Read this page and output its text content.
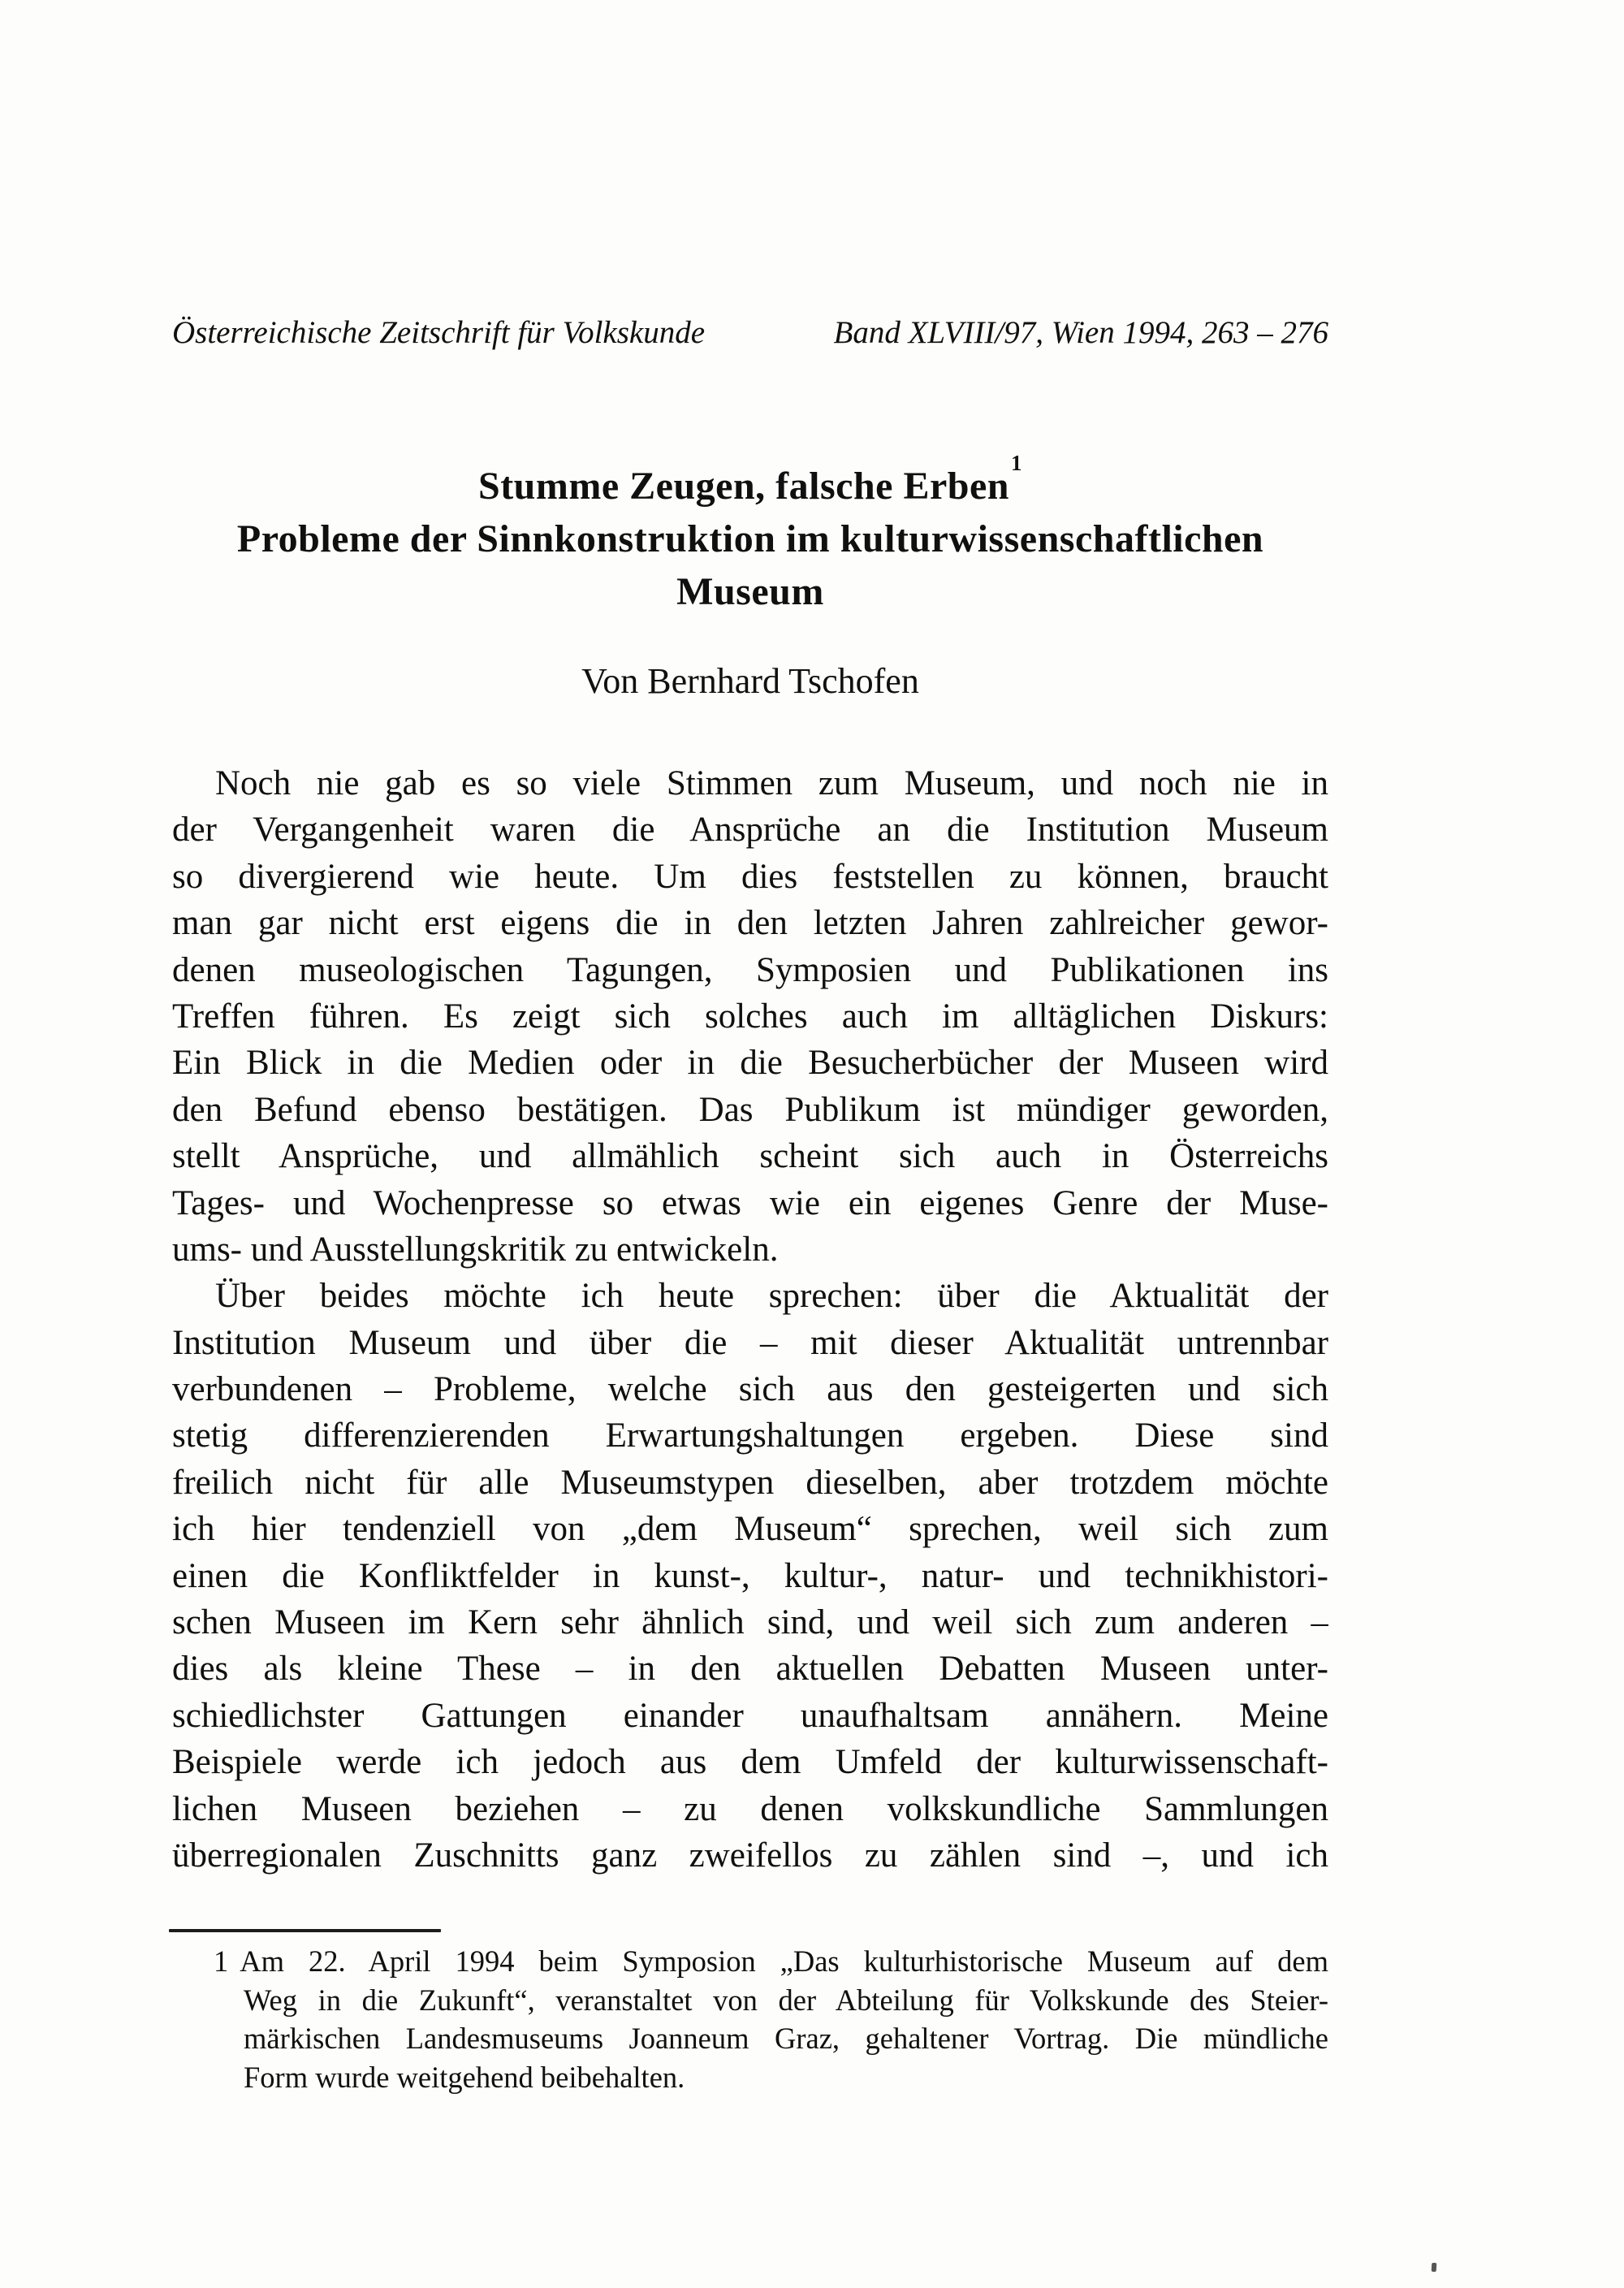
Österreichische Zeitschrift für Volkskunde	Band XLVIII/97, Wien 1994, 263 – 276
Stumme Zeugen, falsche Erben$^1$
Probleme der Sinnkonstruktion im kulturwissenschaftlichen
Museum
Von Bernhard Tschofen
Noch nie gab es so viele Stimmen zum Museum, und noch nie in
der Vergangenheit waren die Ansprüche an die Institution Museum
so divergierend wie heute. Um dies feststellen zu können, braucht
man gar nicht erst eigens die in den letzten Jahren zahlreicher gewor-
denen museologischen Tagungen, Symposien und Publikationen ins
Treffen führen. Es zeigt sich solches auch im alltäglichen Diskurs:
Ein Blick in die Medien oder in die Besucherbücher der Museen wird
den Befund ebenso bestätigen. Das Publikum ist mündiger geworden,
stellt Ansprüche, und allmählich scheint sich auch in Österreichs
Tages- und Wochenpresse so etwas wie ein eigenes Genre der Muse-
ums- und Ausstellungskritik zu entwickeln.
Über beides möchte ich heute sprechen: über die Aktualität der
Institution Museum und über die – mit dieser Aktualität untrennbar
verbundenen – Probleme, welche sich aus den gesteigerten und sich
stetig differenzierenden Erwartungshaltungen ergeben. Diese sind
freilich nicht für alle Museumstypen dieselben, aber trotzdem möchte
ich hier tendenziell von „dem Museum“ sprechen, weil sich zum
einen die Konfliktfelder in kunst-, kultur-, natur- und technikhistori-
schen Museen im Kern sehr ähnlich sind, und weil sich zum anderen –
dies als kleine These – in den aktuellen Debatten Museen unter-
schiedlichster Gattungen einander unaufhaltsam annähern. Meine
Beispiele werde ich jedoch aus dem Umfeld der kulturwissenschaft-
lichen Museen beziehen – zu denen volkskundliche Sammlungen
überregionalen Zuschnitts ganz zweifellos zu zählen sind –, und ich
1 Am 22. April 1994 beim Symposion „Das kulturhistorische Museum auf dem
Weg in die Zukunft“, veranstaltet von der Abteilung für Volkskunde des Steier-
märkischen Landesmuseums Joanneum Graz, gehaltener Vortrag. Die mündliche
Form wurde weitgehend beibehalten.
